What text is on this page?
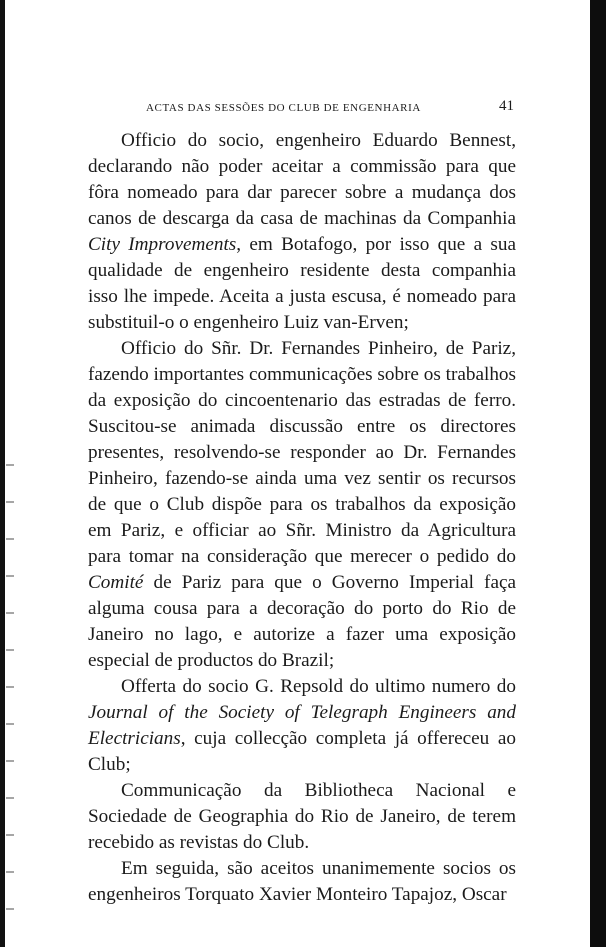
ACTAS DAS SESSÕES DO CLUB DE ENGENHARIA	41

Officio do socio, engenheiro Eduardo Bennest, declarando não poder aceitar a commissão para que fôra nomeado para dar parecer sobre a mudança dos canos de descarga da casa de machinas da Companhia City Improvements, em Botafogo, por isso que a sua qualidade de engenheiro residente desta companhia isso lhe impede. Aceita a justa escusa, é nomeado para substituil-o o engenheiro Luiz van-Erven;

Officio do Sñr. Dr. Fernandes Pinheiro, de Pariz, fazendo importantes communicações sobre os trabalhos da exposição do cincoentenario das estradas de ferro. Suscitou-se animada discussão entre os directores presentes, resolvendo-se responder ao Dr. Fernandes Pinheiro, fazendo-se ainda uma vez sentir os recursos de que o Club dispõe para os trabalhos da exposição em Pariz, e officiar ao Sñr. Ministro da Agricultura para tomar na consideração que merecer o pedido do Comité de Pariz para que o Governo Imperial faça alguma cousa para a decoração do porto do Rio de Janeiro no lago, e autorize a fazer uma exposição especial de productos do Brazil;

Offerta do socio G. Repsold do ultimo numero do Journal of the Society of Telegraph Engineers and Electricians, cuja collecção completa já offereceu ao Club;

Communicação da Bibliotheca Nacional e Sociedade de Geographia do Rio de Janeiro, de terem recebido as revistas do Club.

Em seguida, são aceitos unanimemente socios os engenheiros Torquato Xavier Monteiro Tapajoz, Oscar
